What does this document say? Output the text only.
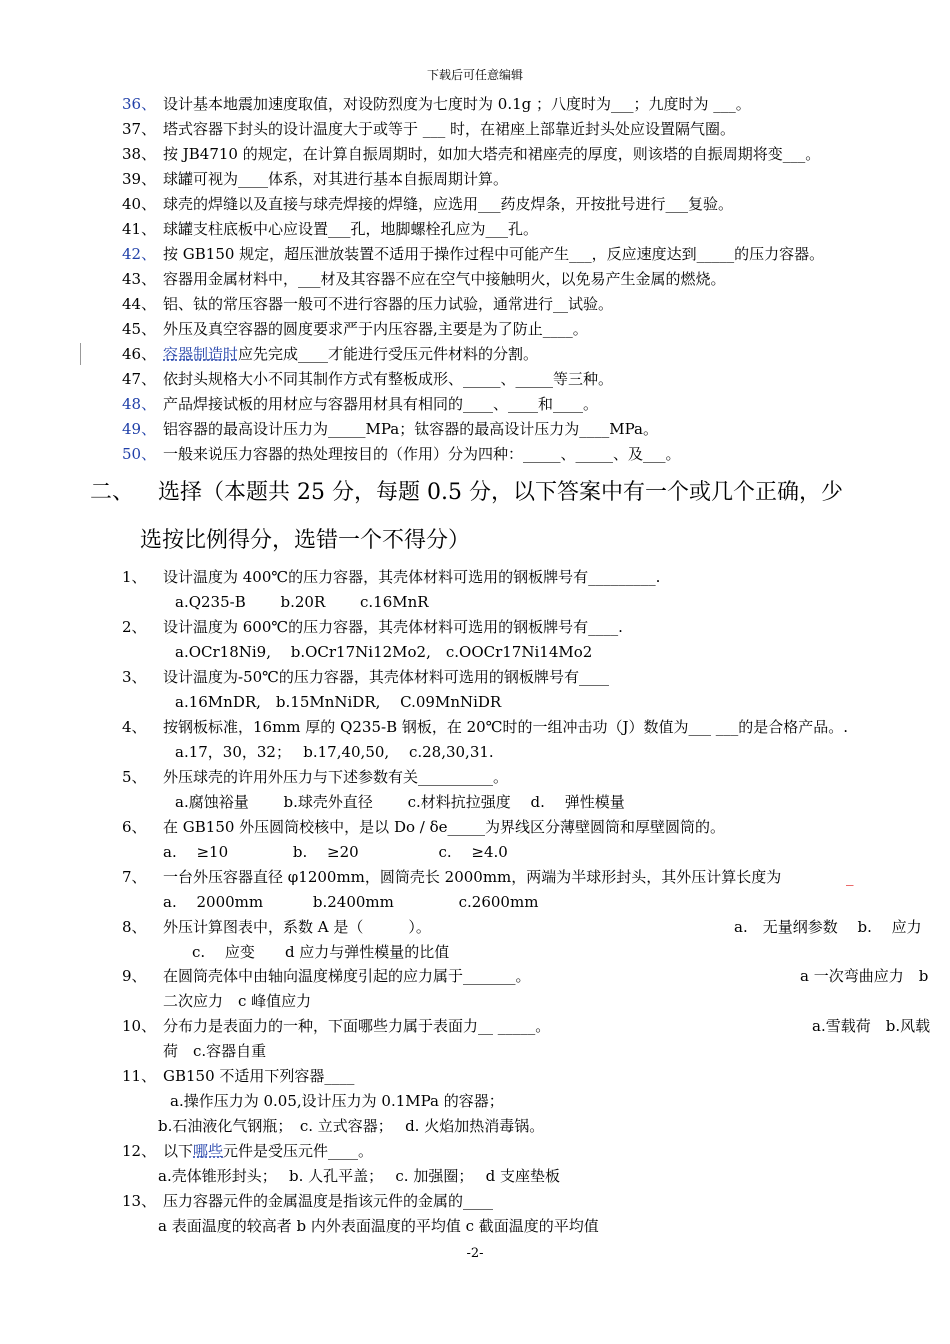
下载后可任意编辑
36、 设计基本地震加速度取值，对设防烈度为七度时为 0.1g ；八度时为___；九度时为 ___。
37、 塔式容器下封头的设计温度大于或等于 ___ 时，在裙座上部靠近封头处应设置隔气圈。
38、 按 JB4710 的规定，在计算自振周期时，如加大塔壳和裙座壳的厚度，则该塔的自振周期将变___。
39、 球罐可视为____体系，对其进行基本自振周期计算。
40、 球壳的焊缝以及直接与球壳焊接的焊缝，应选用___药皮焊条，开按批号进行___复验。
41、 球罐支柱底板中心应设置___孔，地脚螺栓孔应为___孔。
42、 按 GB150 规定，超压泄放装置不适用于操作过程中可能产生___，反应速度达到_____的压力容器。
43、 容器用金属材料中，___材及其容器不应在空气中接触明火，以免易产生金属的燃烧。
44、 铝、钛的常压容器一般可不进行容器的压力试验，通常进行__试验。
45、 外压及真空容器的圆度要求严于内压容器,主要是为了防止____。
46、 容器制造时应先完成____才能进行受压元件材料的分割。
47、 依封头规格大小不同其制作方式有整板成形、_____、_____等三种。
48、 产品焊接试板的用材应与容器用材具有相同的____、____和____。
49、 铝容器的最高设计压力为_____MPa；钛容器的最高设计压力为____MPa。
50、 一般来说压力容器的热处理按目的（作用）分为四种：_____、_____、及___。
二、 选择（本题共 25 分，每题 0.5 分，以下答案中有一个或几个正确，少
选按比例得分，选错一个不得分）
1、 设计温度为 400℃的压力容器，其壳体材料可选用的钢板牌号有_________.
a.Q235-B　　 b.20R　　 c.16MnR
2、 设计温度为 600℃的压力容器，其壳体材料可选用的钢板牌号有____.
a.OCr18Ni9,　 b.OCr17Ni12Mo2,　c.OOCr17Ni14Mo2
3、 设计温度为-50℃的压力容器，其壳体材料可选用的钢板牌号有____
a.16MnDR,　b.15MnNiDR,　 C.09MnNiDR
4、 按钢板标准，16mm 厚的 Q235-B 钢板，在 20℃时的一组冲击功（J）数值为___ ___的是合格产品。.
a.17，30，32；　 b.17,40,50,　 c.28,30,31.
5、 外压球壳的许用外压力与下述参数有关__________。
a.腐蚀裕量　　 b.球壳外直径　　 c.材料抗拉强度　 d.　 弹性模量
6、 在 GB150 外压圆筒校核中，是以 Do / δe_____为界线区分薄壁圆筒和厚壁圆筒的。
a.　 ≥10　　　　 b.　 ≥20　　　　　 c.　 ≥4.0
7、 一台外压容器直径 φ1200mm，圆筒壳长 2000mm，两端为半球形封头，其外压计算长度为	_
a.　 2000mm　　　 b.2400mm　　　　 c.2600mm
8、 外压计算图表中，系数 A 是（　　　）。	a.　无量纲参数　 b.　 应力
c.　 应变　　d 应力与弹性模量的比值
9、 在圆筒壳体中由轴向温度梯度引起的应力属于_______。	a 一次弯曲应力　b
二次应力　c 峰值应力
10、 分布力是表面力的一种，下面哪些力属于表面力__ _____。	a.雪载荷　b.风载
荷　c.容器自重
11、 GB150 不适用下列容器____
a.操作压力为 0.05,设计压力为 0.1MPa 的容器；
b.石油液化气钢瓶；　c. 立式容器；　 d. 火焰加热消毒锅。
12、 以下哪些元件是受压元件____。
a.壳体锥形封头；　 b. 人孔平盖；　 c. 加强圈；　 d 支座垫板
13、 压力容器元件的金属温度是指该元件的金属的____
a 表面温度的较高者 b 内外表面温度的平均值 c 截面温度的平均值
-2-
